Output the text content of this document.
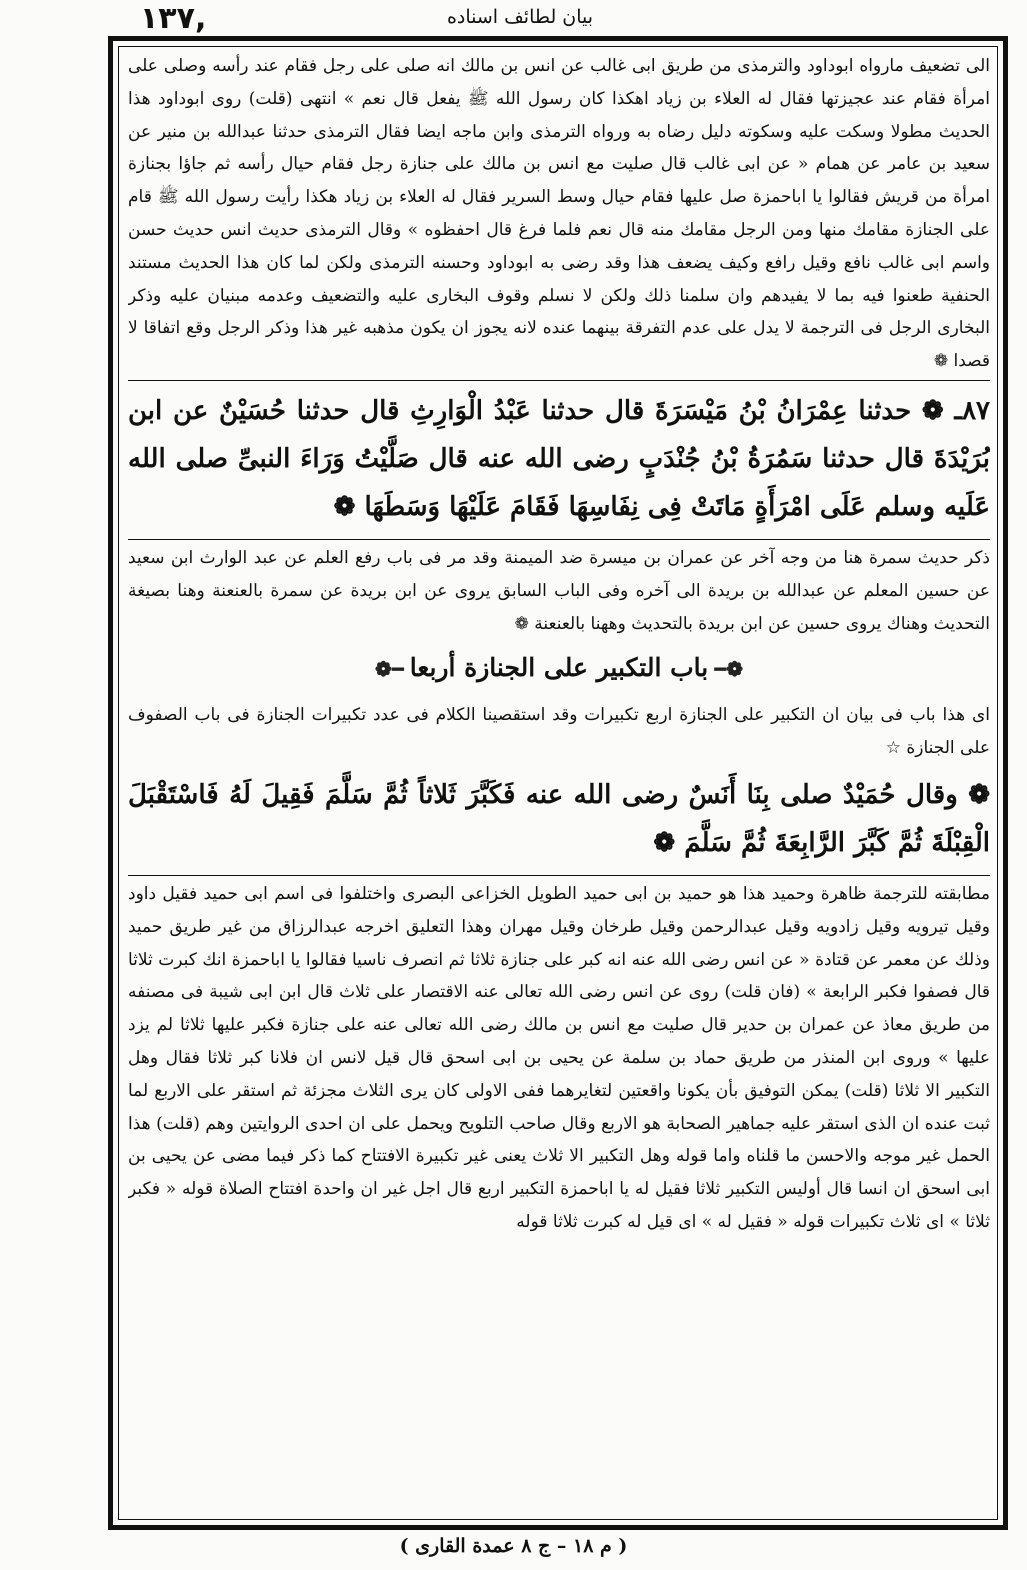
١٣٧,	بيان لطائف اسناده

الى تضعيف مارواه ابوداود والترمذى من طريق ابى غالب عن انس بن مالك انه صلى على رجل فقام عند رأسه وصلى على امرأة فقام عند عجيزتها فقال له العلاء بن زياد اهكذا كان رسول الله ﷺ يفعل قال نعم » انتهى (قلت) روى ابوداود هذا الحديث مطولا وسكت عليه وسكوته دليل رضاه به ورواه الترمذى وابن ماجه ايضا فقال الترمذى حدثنا عبدالله بن منير عن سعيد بن عامر عن همام « عن ابى غالب قال صليت مع انس بن مالك على جنازة رجل فقام حيال رأسه ثم جاؤا بجنازة امرأة من قريش فقالوا يا اباحمزة صل عليها فقام حيال وسط السرير فقال له العلاء بن زياد هكذا رأيت رسول الله ﷺ قام على الجنازة مقامك منها ومن الرجل مقامك منه قال نعم فلما فرغ قال احفظوه » وقال الترمذى حديث انس حديث حسن واسم ابى غالب نافع وقيل رافع وكيف يضعف هذا وقد رضى به ابوداود وحسنه الترمذى ولكن لما كان هذا الحديث مستند الحنفية طعنوا فيه بما لا يفيدهم وان سلمنا ذلك ولكن لا نسلم وقوف البخارى عليه والتضعيف وعدمه مبنيان عليه وذكر البخارى الرجل فى الترجمة لا يدل على عدم التفرقة بينهما عنده لانه يجوز ان يكون مذهبه غير هذا وذكر الرجل وقع اتفاقا لا قصدا ❁

٨٧ـ ❁ حدثنا عِمْرَانُ بْنُ مَيْسَرَةَ قال حدثنا عَبْدُ الْوَارِثِ قال حدثنا حُسَيْنٌ عن ابن بُرَيْدَةَ قال حدثنا سَمُرَةُ بْنُ جُنْدَبٍ رضى الله عنه قال صَلَّيْتُ وَرَاءَ النبىِّ صلى الله عَلَيه وسلم عَلَى امْرَأَةٍ مَاتَتْ فِى نِفَاسِهَا فَقَامَ عَلَيْهَا وَسَطَهَا ❁

ذكر حديث سمرة هنا من وجه آخر عن عمران بن ميسرة ضد الميمنة وقد مر فى باب رفع العلم عن عبد الوارث ابن سعيد عن حسين المعلم عن عبدالله بن بريدة الى آخره وفى الباب السابق يروى عن ابن بريدة عن سمرة بالعنعنة وهنا بصيغة التحديث وهناك يروى حسين عن ابن بريدة بالتحديث وههنا بالعنعنة ❁

❁━باب التكبير على الجنازة أربعا━❁

اى هذا باب فى بيان ان التكبير على الجنازة اربع تكبيرات وقد استقصينا الكلام فى عدد تكبيرات الجنازة فى باب الصفوف على الجنازة ☆

❁ وقال حُمَيْدٌ صلى بِنَا أَنَسٌ رضى الله عنه فَكَبَّرَ ثَلاثاً ثُمَّ سَلَّمَ فَقِيلَ لَهُ فَاسْتَقْبَلَ الْقِبْلَةَ ثُمَّ كَبَّرَ الرَّابِعَةَ ثُمَّ سَلَّمَ ❁

مطابقته للترجمة ظاهرة وحميد هذا هو حميد بن ابى حميد الطويل الخزاعى البصرى واختلفوا فى اسم ابى حميد فقيل داود وقيل تيرويه وقيل زادويه وقيل عبدالرحمن وقيل طرخان وقيل مهران وهذا التعليق اخرجه عبدالرزاق من غير طريق حميد وذلك عن معمر عن قتادة « عن انس رضى الله عنه انه كبر على جنازة ثلاثا ثم انصرف ناسيا فقالوا يا اباحمزة انك كبرت ثلاثا قال فصفوا فكبر الرابعة » (فان قلت) روى عن انس رضى الله تعالى عنه الاقتصار على ثلاث قال ابن ابى شيبة فى مصنفه من طريق معاذ عن عمران بن حدير قال صليت مع انس بن مالك رضى الله تعالى عنه على جنازة فكبر عليها ثلاثا لم يزد عليها » وروى ابن المنذر من طريق حماد بن سلمة عن يحيى بن ابى اسحق قال قيل لانس ان فلانا كبر ثلاثا فقال وهل التكبير الا ثلاثا (قلت) يمكن التوفيق بأن يكونا واقعتين لتغايرهما ففى الاولى كان يرى الثلاث مجزئة ثم استقر على الاربع لما ثبت عنده ان الذى استقر عليه جماهير الصحابة هو الاربع وقال صاحب التلويح ويحمل على ان احدى الروايتين وهم (قلت) هذا الحمل غير موجه والاحسن ما قلناه واما قوله وهل التكبير الا ثلاث يعنى غير تكبيرة الافتتاح كما ذكر فيما مضى عن يحيى بن ابى اسحق ان انسا قال أوليس التكبير ثلاثا فقيل له يا اباحمزة التكبير اربع قال اجل غير ان واحدة افتتاح الصلاة قوله « فكبر ثلاثا » اى ثلاث تكبيرات قوله « فقيل له » اى قيل له كبرت ثلاثا قوله

( م ١٨ – ج ٨ عمدة القارى )
